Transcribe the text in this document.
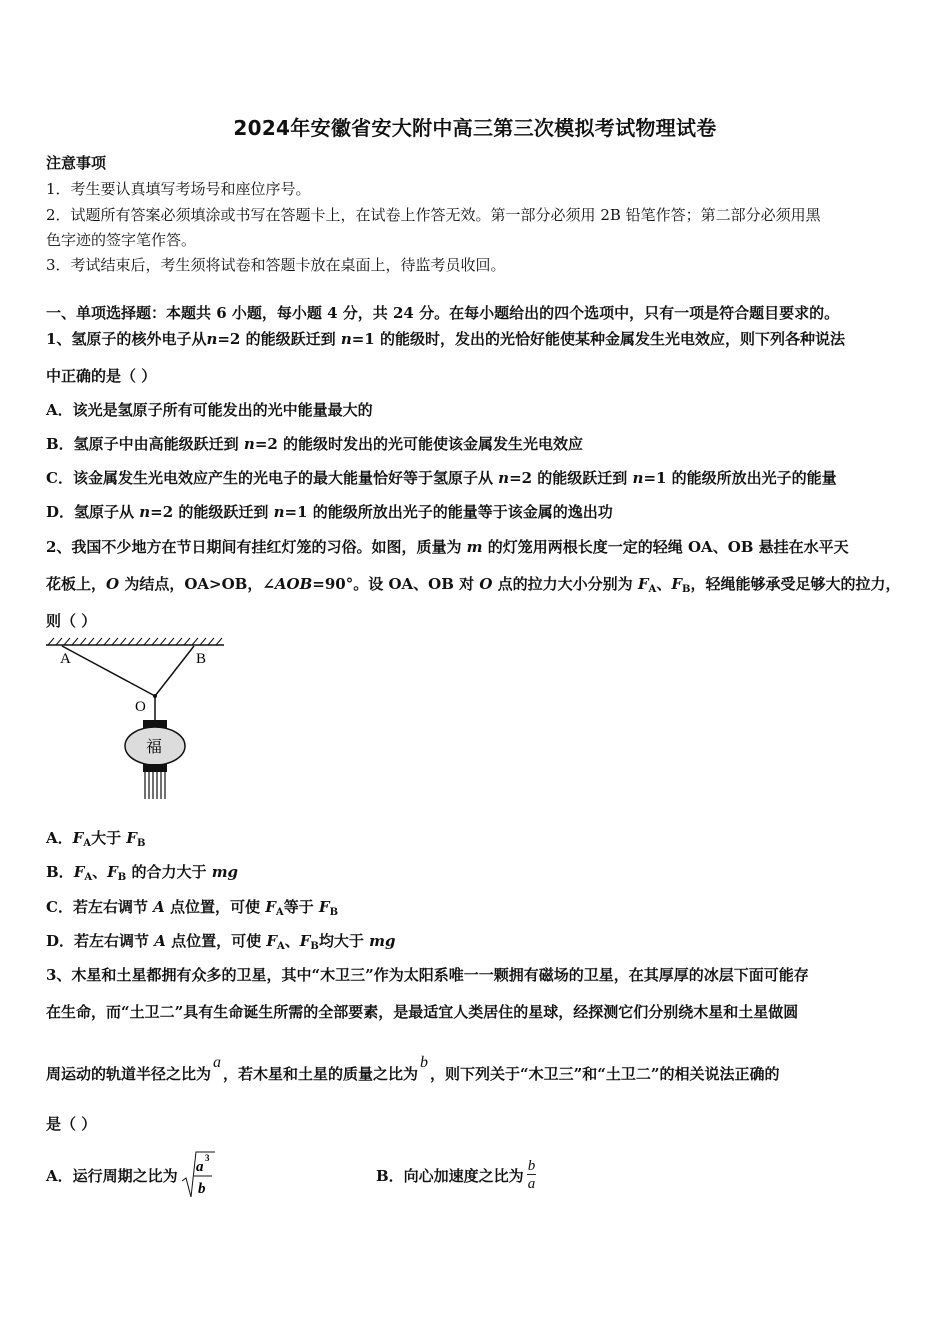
2024年安徽省安大附中高三第三次模拟考试物理试卷
注意事项
1．考生要认真填写考场号和座位序号。
2．试题所有答案必须填涂或书写在答题卡上，在试卷上作答无效。第一部分必须用 2B 铅笔作答；第二部分必须用黑
色字迹的签字笔作答。
3．考试结束后，考生须将试卷和答题卡放在桌面上，待监考员收回。
一、单项选择题：本题共 6 小题，每小题 4 分，共 24 分。在每小题给出的四个选项中，只有一项是符合题目要求的。
1、氢原子的核外电子从n=2 的能级跃迁到 n=1 的能级时，发出的光恰好能使某种金属发生光电效应，则下列各种说法
中正确的是（ ）
A．该光是氢原子所有可能发出的光中能量最大的
B．氢原子中由高能级跃迁到 n=2 的能级时发出的光可能使该金属发生光电效应
C．该金属发生光电效应产生的光电子的最大能量恰好等于氢原子从 n=2 的能级跃迁到 n=1 的能级所放出光子的能量
D．氢原子从 n=2 的能级跃迁到 n=1 的能级所放出光子的能量等于该金属的逸出功
2、我国不少地方在节日期间有挂红灯笼的习俗。如图，质量为 m 的灯笼用两根长度一定的轻绳 OA、OB 悬挂在水平天
花板上，O 为结点，OA>OB，∠AOB=90°。设 OA、OB 对 O 点的拉力大小分别为 $F_A$、$F_B$，轻绳能够承受足够大的拉力，
则（ ）
A	B
O
福
A．$F_A$大于 $F_B$
B．$F_A$、$F_B$ 的合力大于 mg
C．若左右调节 A 点位置，可使 $F_A$等于 $F_B$
D．若左右调节 A 点位置，可使 $F_A$、$F_B$均大于 mg
3、木星和土星都拥有众多的卫星，其中“木卫三”作为太阳系唯一一颗拥有磁场的卫星，在其厚厚的冰层下面可能存
在生命，而“土卫二”具有生命诞生所需的全部要素，是最适宜人类居住的星球，经探测它们分别绕木星和土星做圆
周运动的轨道半径之比为a，若木星和土星的质量之比为b，则下列关于“木卫三”和“土卫二”的相关说法正确的
是（ ）
A．运行周期之比为 a
3
b
B．向心加速度之比为 $\frac{b}{a}$
